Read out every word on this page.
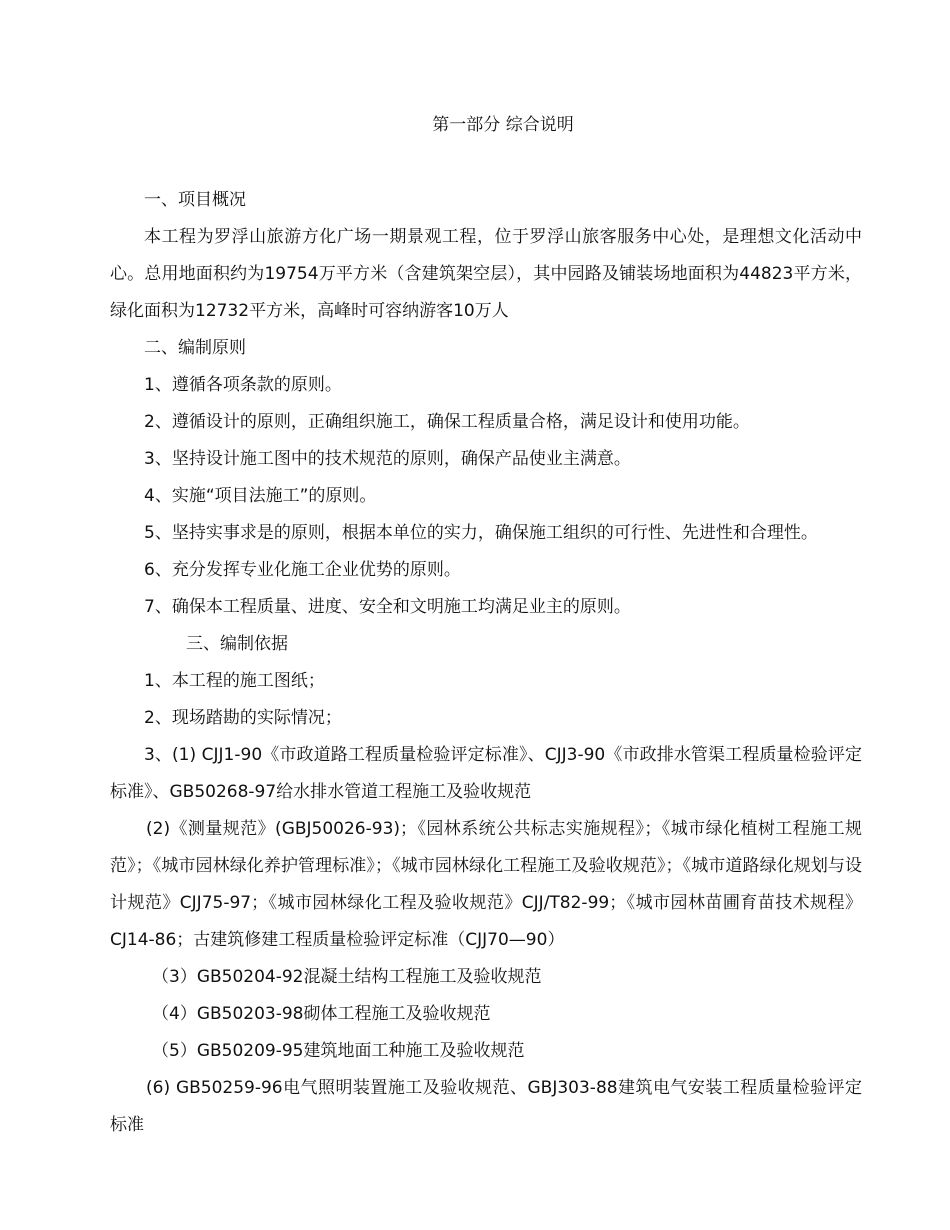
第一部分 综合说明

一、项目概况

本工程为罗浮山旅游方化广场一期景观工程，位于罗浮山旅客服务中心处，是理想文化活动中心。总用地面积约为19754万平方米（含建筑架空层），其中园路及铺装场地面积为44823平方米，绿化面积为12732平方米，高峰时可容纳游客10万人

二、编制原则

1、遵循各项条款的原则。

2、遵循设计的原则，正确组织施工，确保工程质量合格，满足设计和使用功能。

3、坚持设计施工图中的技术规范的原则，确保产品使业主满意。

4、实施“项目法施工”的原则。

5、坚持实事求是的原则，根据本单位的实力，确保施工组织的可行性、先进性和合理性。

6、充分发挥专业化施工企业优势的原则。

7、确保本工程质量、进度、安全和文明施工均满足业主的原则。

三、编制依据

1、本工程的施工图纸；

2、现场踏勘的实际情况；

3、(1) CJJ1-90《市政道路工程质量检验评定标准》、CJJ3-90《市政排水管渠工程质量检验评定标准》、GB50268-97给水排水管道工程施工及验收规范

(2)《测量规范》(GBJ50026-93)；《园林系统公共标志实施规程》；《城市绿化植树工程施工规范》；《城市园林绿化养护管理标准》；《城市园林绿化工程施工及验收规范》；《城市道路绿化规划与设计规范》CJJ75-97；《城市园林绿化工程及验收规范》CJJ/T82-99；《城市园林苗圃育苗技术规程》CJ14-86；古建筑修建工程质量检验评定标准（CJJ70—90）

（3）GB50204-92混凝土结构工程施工及验收规范

（4）GB50203-98砌体工程施工及验收规范

（5）GB50209-95建筑地面工种施工及验收规范

(6) GB50259-96电气照明装置施工及验收规范、GBJ303-88建筑电气安装工程质量检验评定标准
